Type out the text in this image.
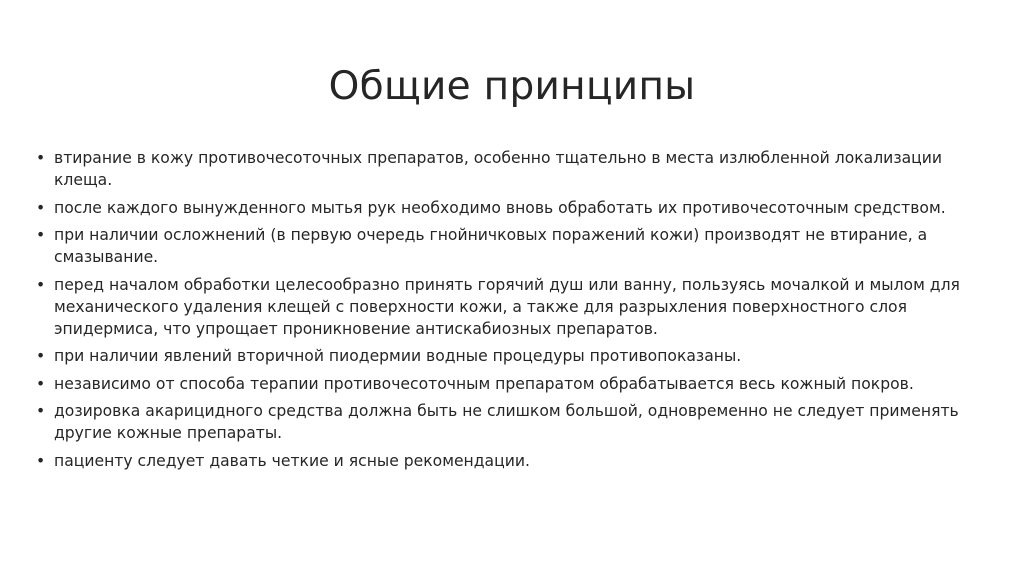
Общие принципы
• втирание в кожу противочесоточных препаратов, особенно тщательно в места излюбленной локализации клеща.
• после каждого вынужденного мытья рук необходимо вновь обработать их противочесоточным средством.
• при наличии осложнений (в первую очередь гнойничковых поражений кожи) производят не втирание, а смазывание.
• перед началом обработки целесообразно принять горячий душ или ванну, пользуясь мочалкой и мылом для механического удаления клещей с поверхности кожи, а также для разрыхления поверхностного слоя эпидермиса, что упрощает проникновение антискабиозных препаратов.
• при наличии явлений вторичной пиодермии водные процедуры противопоказаны.
• независимо от способа терапии противочесоточным препаратом обрабатывается весь кожный покров.
• дозировка акарицидного средства должна быть не слишком большой, одновременно не следует применять другие кожные препараты.
• пациенту следует давать четкие и ясные рекомендации.
